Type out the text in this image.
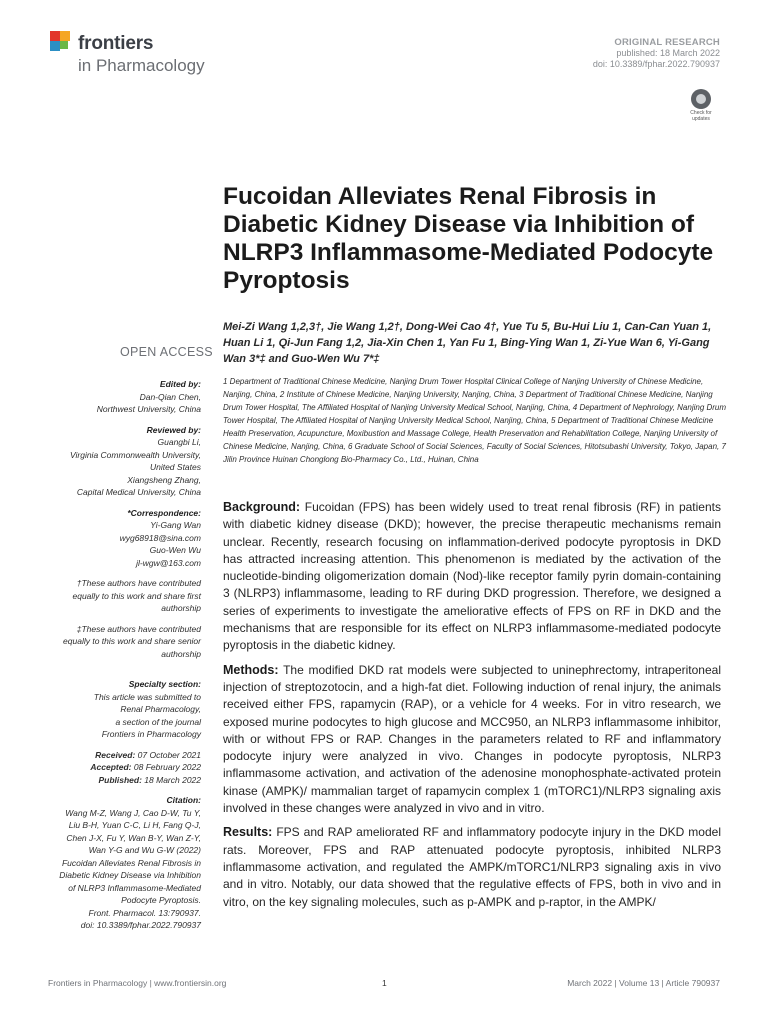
frontiers
in Pharmacology
ORIGINAL RESEARCH
published: 18 March 2022
doi: 10.3389/fphar.2022.790937
Check for updates
Fucoidan Alleviates Renal Fibrosis in Diabetic Kidney Disease via Inhibition of NLRP3 Inflammasome-Mediated Podocyte Pyroptosis
Mei-Zi Wang 1,2,3†, Jie Wang 1,2†, Dong-Wei Cao 4†, Yue Tu 5, Bu-Hui Liu 1, Can-Can Yuan 1, Huan Li 1, Qi-Jun Fang 1,2, Jia-Xin Chen 1, Yan Fu 1, Bing-Ying Wan 1, Zi-Yue Wan 6, Yi-Gang Wan 3*‡ and Guo-Wen Wu 7*‡
1 Department of Traditional Chinese Medicine, Nanjing Drum Tower Hospital Clinical College of Nanjing University of Chinese Medicine, Nanjing, China, 2 Institute of Chinese Medicine, Nanjing University, Nanjing, China, 3 Department of Traditional Chinese Medicine, Nanjing Drum Tower Hospital, The Affiliated Hospital of Nanjing University Medical School, Nanjing, China, 4 Department of Nephrology, Nanjing Drum Tower Hospital, The Affiliated Hospital of Nanjing University Medical School, Nanjing, China, 5 Department of Traditional Chinese Medicine Health Preservation, Acupuncture, Moxibustion and Massage College, Health Preservation and Rehabilitation College, Nanjing University of Chinese Medicine, Nanjing, China, 6 Graduate School of Social Sciences, Faculty of Social Sciences, Hitotsubashi University, Tokyo, Japan, 7 Jilin Province Huinan Chonglong Bio-Pharmacy Co., Ltd., Huinan, China
OPEN ACCESS
Edited by:
Dan-Qian Chen,
Northwest University, China
Reviewed by:
Guangbi Li,
Virginia Commonwealth University,
United States
Xiangsheng Zhang,
Capital Medical University, China
*Correspondence:
Yi-Gang Wan
wyg68918@sina.com
Guo-Wen Wu
jl-wgw@163.com
†These authors have contributed
equally to this work and share first
authorship
‡These authors have contributed
equally to this work and share senior
authorship
Specialty section:
This article was submitted to
Renal Pharmacology,
a section of the journal
Frontiers in Pharmacology
Received: 07 October 2021
Accepted: 08 February 2022
Published: 18 March 2022
Citation:
Wang M-Z, Wang J, Cao D-W, Tu Y,
Liu B-H, Yuan C-C, Li H, Fang Q-J,
Chen J-X, Fu Y, Wan B-Y, Wan Z-Y,
Wan Y-G and Wu G-W (2022)
Fucoidan Alleviates Renal Fibrosis in
Diabetic Kidney Disease via Inhibition
of NLRP3 Inflammasome-Mediated
Podocyte Pyroptosis.
Front. Pharmacol. 13:790937.
doi: 10.3389/fphar.2022.790937

Background: Fucoidan (FPS) has been widely used to treat renal fibrosis (RF) in patients with diabetic kidney disease (DKD); however, the precise therapeutic mechanisms remain unclear. Recently, research focusing on inflammation-derived podocyte pyroptosis in DKD has attracted increasing attention. This phenomenon is mediated by the activation of the nucleotide-binding oligomerization domain (Nod)-like receptor family pyrin domain-containing 3 (NLRP3) inflammasome, leading to RF during DKD progression. Therefore, we designed a series of experiments to investigate the ameliorative effects of FPS on RF in DKD and the mechanisms that are responsible for its effect on NLRP3 inflammasome-mediated podocyte pyroptosis in the diabetic kidney.

Methods: The modified DKD rat models were subjected to uninephrectomy, intraperitoneal injection of streptozotocin, and a high-fat diet. Following induction of renal injury, the animals received either FPS, rapamycin (RAP), or a vehicle for 4 weeks. For in vitro research, we exposed murine podocytes to high glucose and MCC950, an NLRP3 inflammasome inhibitor, with or without FPS or RAP. Changes in the parameters related to RF and inflammatory podocyte injury were analyzed in vivo. Changes in podocyte pyroptosis, NLRP3 inflammasome activation, and activation of the adenosine monophosphate-activated protein kinase (AMPK)/ mammalian target of rapamycin complex 1 (mTORC1)/NLRP3 signaling axis involved in these changes were analyzed in vivo and in vitro.

Results: FPS and RAP ameliorated RF and inflammatory podocyte injury in the DKD model rats. Moreover, FPS and RAP attenuated podocyte pyroptosis, inhibited NLRP3 inflammasome activation, and regulated the AMPK/mTORC1/NLRP3 signaling axis in vivo and in vitro. Notably, our data showed that the regulative effects of FPS, both in vivo and in vitro, on the key signaling molecules, such as p-AMPK and p-raptor, in the AMPK/

Frontiers in Pharmacology | www.frontiersin.org	1	March 2022 | Volume 13 | Article 790937
